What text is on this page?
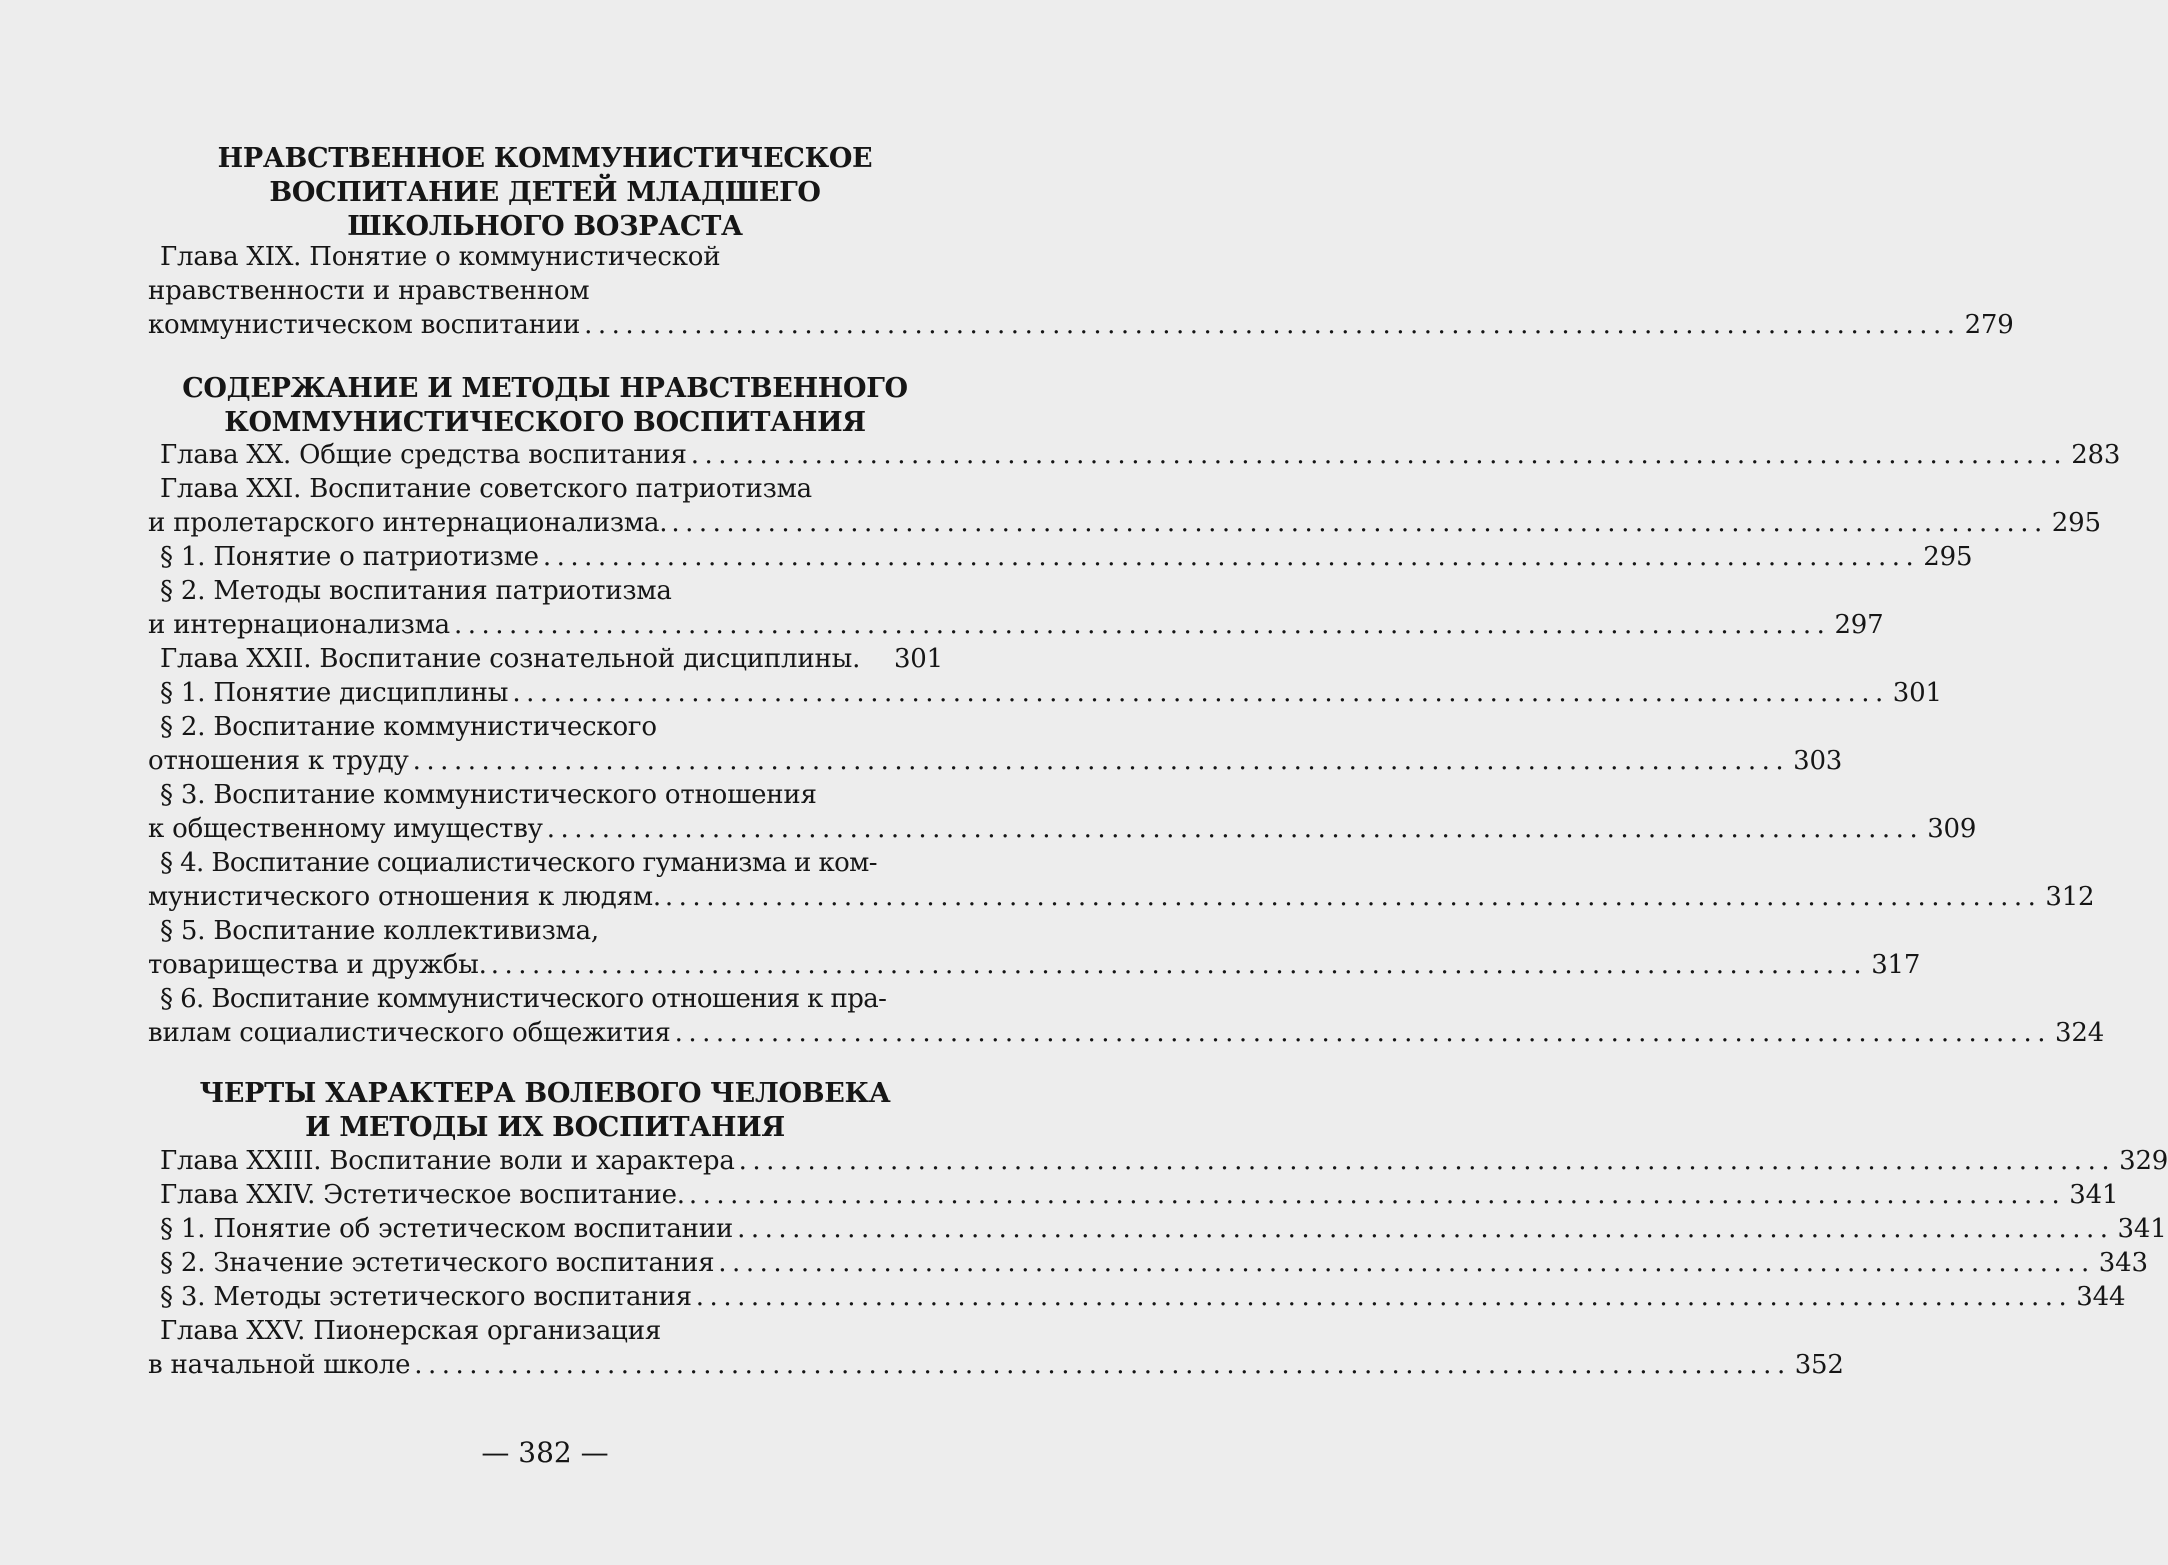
НРАВСТВЕННОЕ КОММУНИСТИЧЕСКОЕ
ВОСПИТАНИЕ ДЕТЕЙ МЛАДШЕГО
ШКОЛЬНОГО ВОЗРАСТА
Глава XIX. Понятие о коммунистической
нравственности и нравственном
коммунистическом воспитании .................................................................................................... 279
СОДЕРЖАНИЕ И МЕТОДЫ НРАВСТВЕННОГО
КОММУНИСТИЧЕСКОГО ВОСПИТАНИЯ
Глава XX. Общие средства воспитания .................................................................................................... 283
Глава XXI. Воспитание советского патриотизма
и пролетарского интернационализма. .................................................................................................... 295
§ 1. Понятие о патриотизме .................................................................................................... 295
§ 2. Методы воспитания патриотизма
и интернационализма .................................................................................................... 297
Глава XXII. Воспитание сознательной дисциплины. 301
§ 1. Понятие дисциплины .................................................................................................... 301
§ 2. Воспитание коммунистического
отношения к труду .................................................................................................... 303
§ 3. Воспитание коммунистического отношения
к общественному имуществу .................................................................................................... 309
§ 4. Воспитание социалистического гуманизма и ком-
мунистического отношения к людям. .................................................................................................... 312
§ 5. Воспитание коллективизма,
товарищества и дружбы. .................................................................................................... 317
§ 6. Воспитание коммунистического отношения к пра-
вилам социалистического общежития .................................................................................................... 324
ЧЕРТЫ ХАРАКТЕРА ВОЛЕВОГО ЧЕЛОВЕКА
И МЕТОДЫ ИХ ВОСПИТАНИЯ
Глава XXIII. Воспитание воли и характера .................................................................................................... 329
Глава XXIV. Эстетическое воспитание. .................................................................................................... 341
§ 1. Понятие об эстетическом воспитании .................................................................................................... 341
§ 2. Значение эстетического воспитания .................................................................................................... 343
§ 3. Методы эстетического воспитания .................................................................................................... 344
Глава XXV. Пионерская организация
в начальной школе .................................................................................................... 352
— 382 —
